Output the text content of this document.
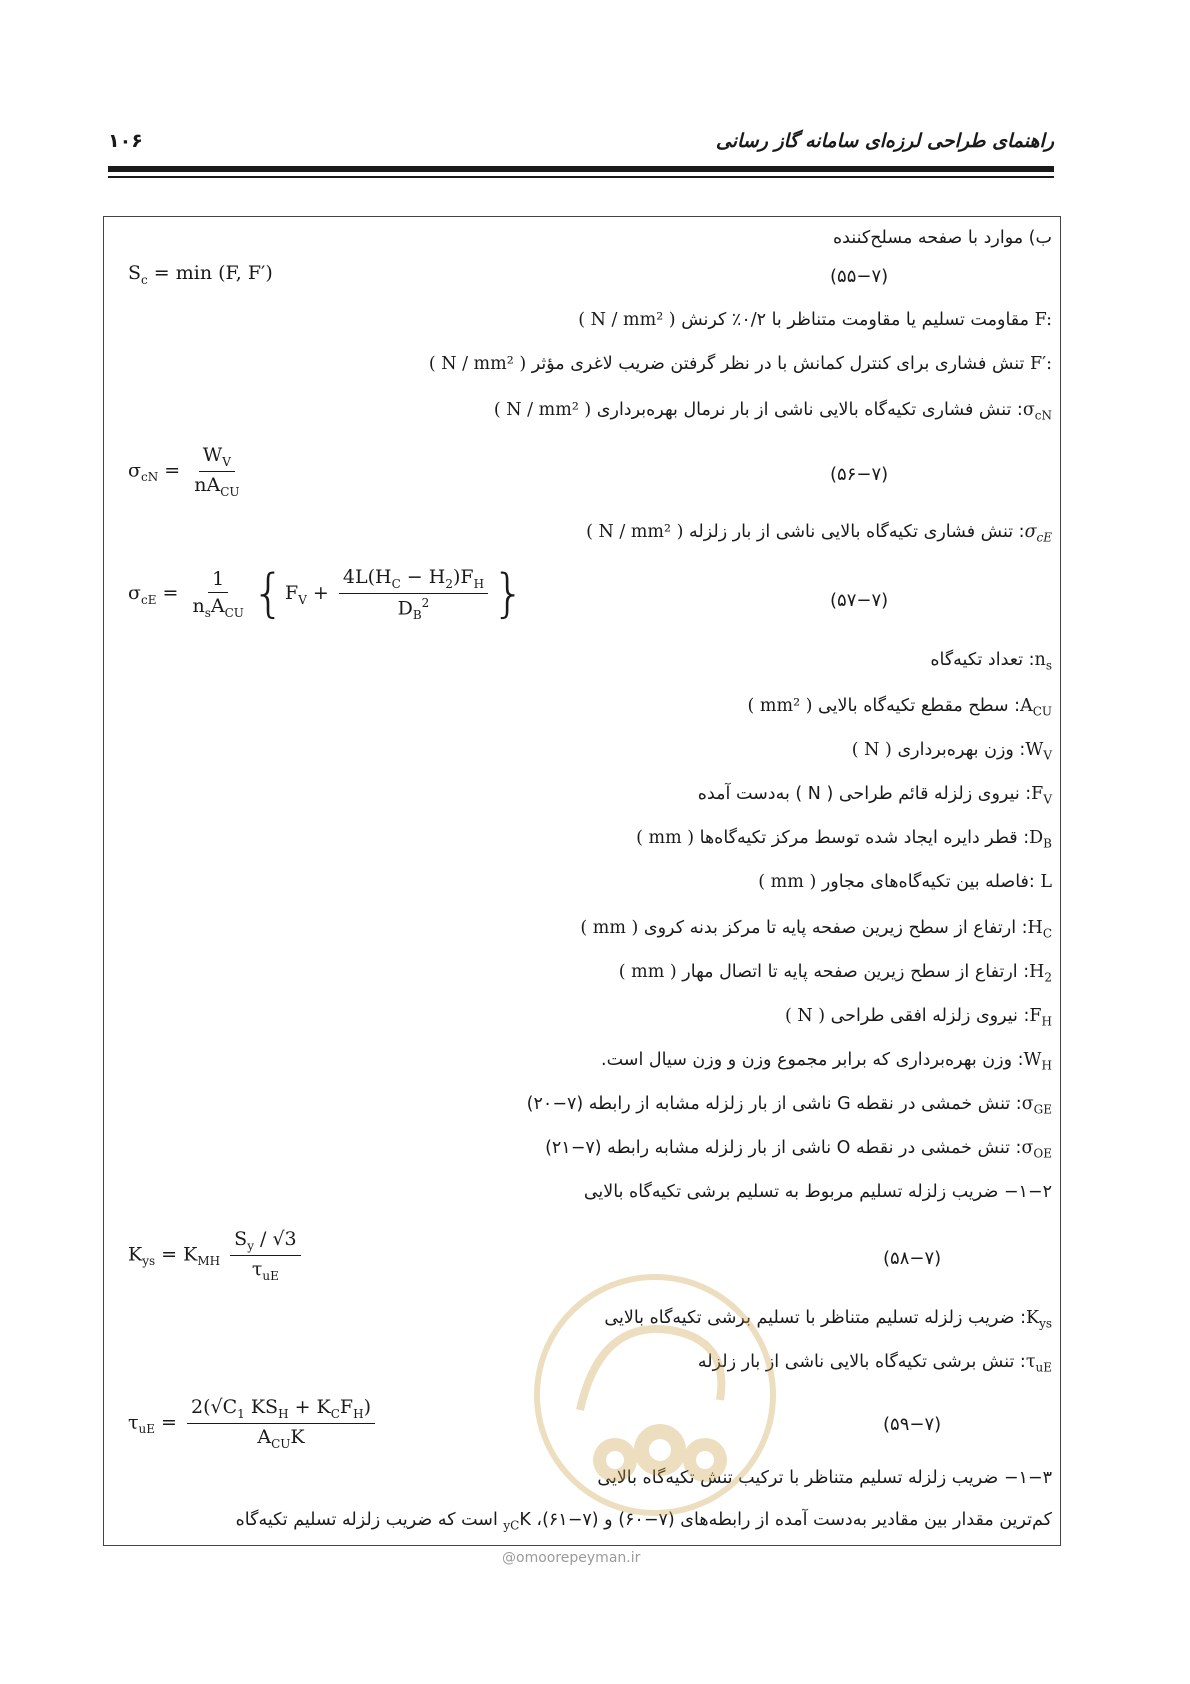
راهنمای طراحی لرزه‌ای سامانه گاز رسانی
۱۰۶
ب) موارد با صفحه مسلح‌کننده
$S_c = \min (F$, F′)	(۵۵−۷)
F: مقاومت تسلیم یا مقاومت متناظر با ۰/۲٪ کرنش ( N / mm² )
F′: تنش فشاری برای کنترل کمانش با در نظر گرفتن ضریب لاغری مؤثر ( N / mm² )
$\sigma_{cN}$: تنش فشاری تکیه‌گاه بالایی ناشی از بار نرمال بهره‌برداری ( N / mm² )
$\sigma_{cN} = \frac{W_V}{nA_{CU}}$	(۵۶−۷)
$\sigma_{cE}$: تنش فشاری تکیه‌گاه بالایی ناشی از بار زلزله ( N / mm² )
$\sigma_{cE} = \frac{1}{n_sA_{CU}} \{F_V + \frac{4L(H_C - H_2)F_H}{D_B^2}$ }	(۵۷−۷)
$n_s$: تعداد تکیه‌گاه
$A_{CU}$: سطح مقطع تکیه‌گاه بالایی ( mm² )
$W_V$: وزن بهره‌برداری ( N )
$F_V$: نیروی زلزله قائم طراحی ( N ) به‌دست آمده
$D_B$: قطر دایره ایجاد شده توسط مرکز تکیه‌گاه‌ها ( mm )
L :فاصله بین تکیه‌گاه‌های مجاور ( mm )
$H_C$: ارتفاع از سطح زیرین صفحه پایه تا مرکز بدنه کروی ( mm )
$H_2$: ارتفاع از سطح زیرین صفحه پایه تا اتصال مهار ( mm )
$F_H$: نیروی زلزله افقی طراحی ( N )
$W_H$: وزن بهره‌برداری که برابر مجموع وزن و وزن سیال است.
$\sigma_{GE}$: تنش خمشی در نقطه G ناشی از بار زلزله مشابه از رابطه (۷−۲۰)
$\sigma_{OE}$: تنش خمشی در نقطه O ناشی از بار زلزله مشابه رابطه (۷−۲۱)
۱−۲− ضریب زلزله تسلیم مربوط به تسلیم برشی تکیه‌گاه بالایی
$K_{ys} = K_{MH} \frac{S_y / √3}{\tau_{uE}}$	(۵۸−۷)
$K_{ys}$: ضریب زلزله تسلیم متناظر با تسلیم برشی تکیه‌گاه بالایی
$\tau_{uE}$: تنش برشی تکیه‌گاه بالایی ناشی از بار زلزله
$\tau_{uE} = \frac{2(√C_1 KS_H + K_CF_H)}{A_{CU}K}$	(۵۹−۷)
۱−۳− ضریب زلزله تسلیم متناظر با ترکیب تنش تکیه‌گاه بالایی
کم‌ترین مقدار بین مقادیر به‌دست آمده از رابطه‌های (۷−۶۰) و (۷−۶۱)، $K_{yC}$ است که ضریب زلزله تسلیم تکیه‌گاه
@omoorepeyman.ir
